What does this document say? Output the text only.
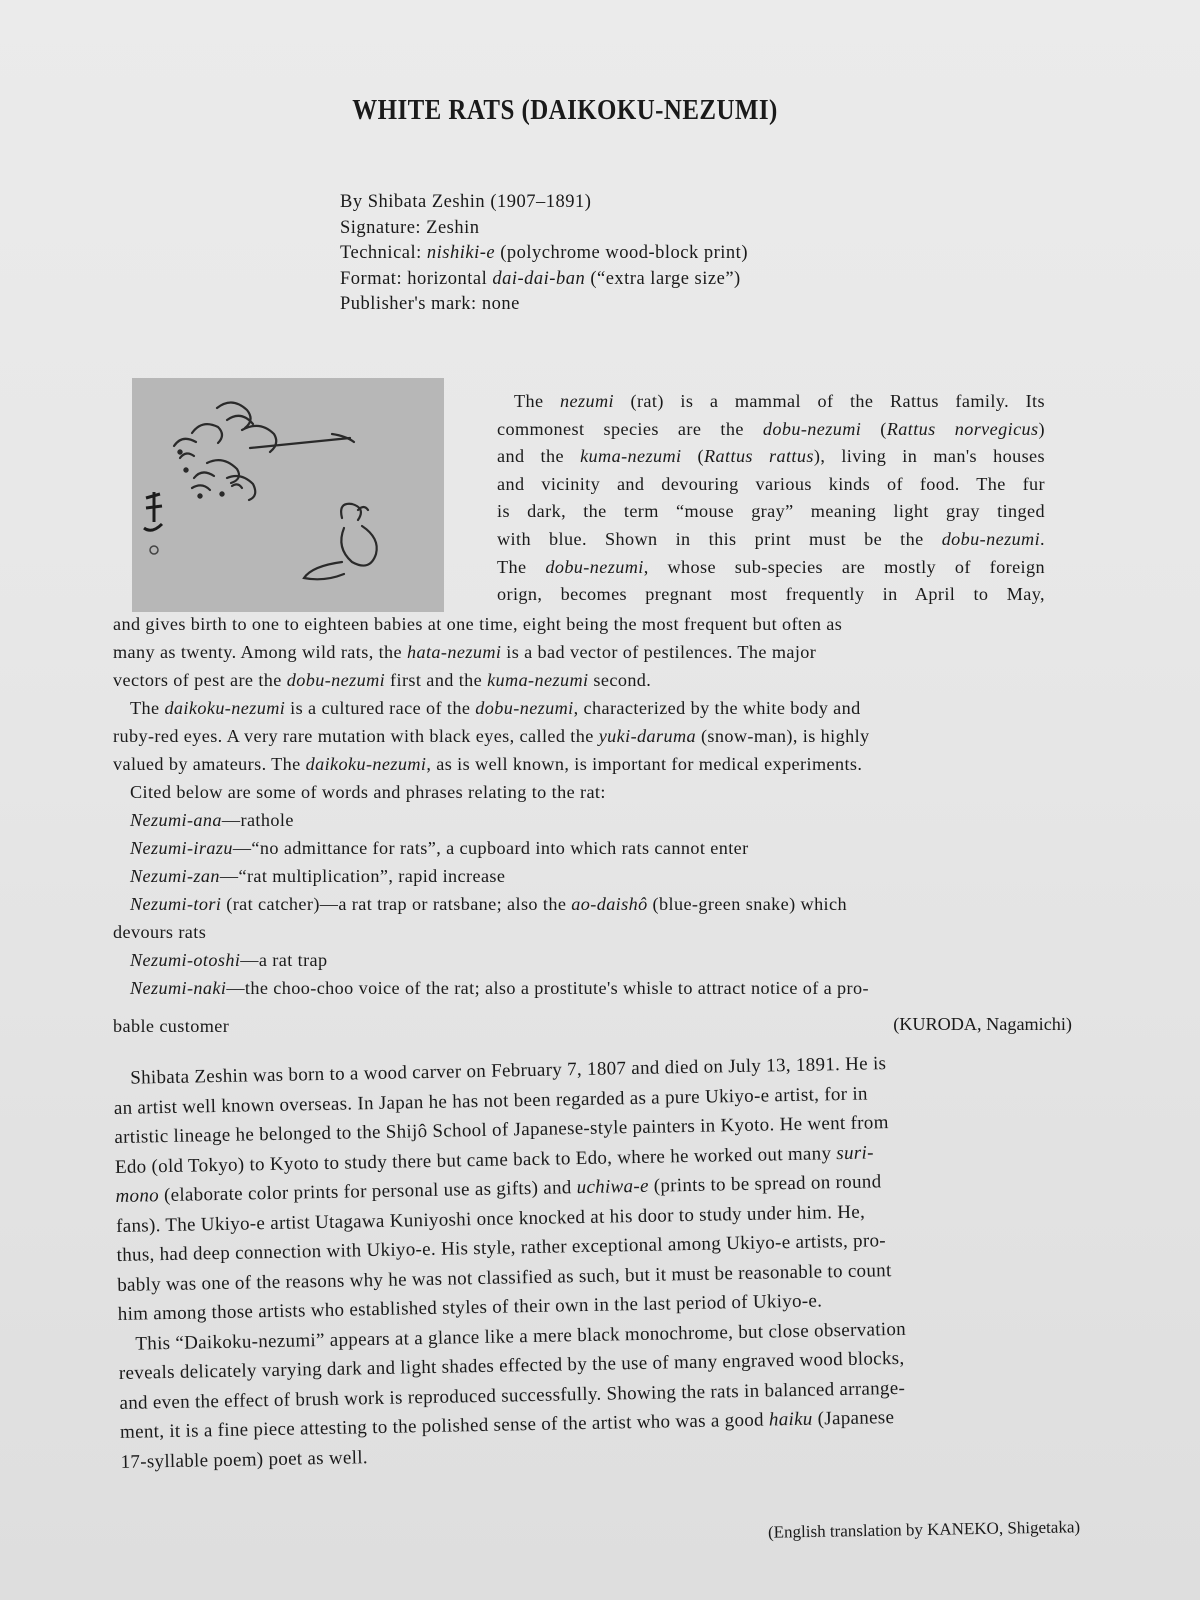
WHITE RATS (DAIKOKU-NEZUMI)
By Shibata Zeshin (1907–1891)
Signature: Zeshin
Technical: nishiki-e (polychrome wood-block print)
Format: horizontal dai-dai-ban (“extra large size”)
Publisher's mark: none
The nezumi (rat) is a mammal of the Rattus family. Its
commonest species are the dobu-nezumi (Rattus norvegicus)
and the kuma-nezumi (Rattus rattus), living in man's houses
and vicinity and devouring various kinds of food. The fur
is dark, the term “mouse gray” meaning light gray tinged
with blue. Shown in this print must be the dobu-nezumi.
The dobu-nezumi, whose sub-species are mostly of foreign
orign, becomes pregnant most frequently in April to May,
and gives birth to one to eighteen babies at one time, eight being the most frequent but often as
many as twenty. Among wild rats, the hata-nezumi is a bad vector of pestilences. The major
vectors of pest are the dobu-nezumi first and the kuma-nezumi second.
The daikoku-nezumi is a cultured race of the dobu-nezumi, characterized by the white body and
ruby-red eyes. A very rare mutation with black eyes, called the yuki-daruma (snow-man), is highly
valued by amateurs. The daikoku-nezumi, as is well known, is important for medical experiments.
Cited below are some of words and phrases relating to the rat:
Nezumi-ana—rathole
Nezumi-irazu—“no admittance for rats”, a cupboard into which rats cannot enter
Nezumi-zan—“rat multiplication”, rapid increase
Nezumi-tori (rat catcher)—a rat trap or ratsbane; also the ao-daishô (blue-green snake) which
devours rats
Nezumi-otoshi—a rat trap
Nezumi-naki—the choo-choo voice of the rat; also a prostitute's whisle to attract notice of a pro-
bable customer	(KURODA, Nagamichi)
Shibata Zeshin was born to a wood carver on February 7, 1807 and died on July 13, 1891. He is
an artist well known overseas. In Japan he has not been regarded as a pure Ukiyo-e artist, for in
artistic lineage he belonged to the Shijô School of Japanese-style painters in Kyoto. He went from
Edo (old Tokyo) to Kyoto to study there but came back to Edo, where he worked out many suri-
mono (elaborate color prints for personal use as gifts) and uchiwa-e (prints to be spread on round
fans). The Ukiyo-e artist Utagawa Kuniyoshi once knocked at his door to study under him. He,
thus, had deep connection with Ukiyo-e. His style, rather exceptional among Ukiyo-e artists, pro-
bably was one of the reasons why he was not classified as such, but it must be reasonable to count
him among those artists who established styles of their own in the last period of Ukiyo-e.
This “Daikoku-nezumi” appears at a glance like a mere black monochrome, but close observation
reveals delicately varying dark and light shades effected by the use of many engraved wood blocks,
and even the effect of brush work is reproduced successfully. Showing the rats in balanced arrange-
ment, it is a fine piece attesting to the polished sense of the artist who was a good haiku (Japanese
17-syllable poem) poet as well.
(English translation by KANEKO, Shigetaka)
